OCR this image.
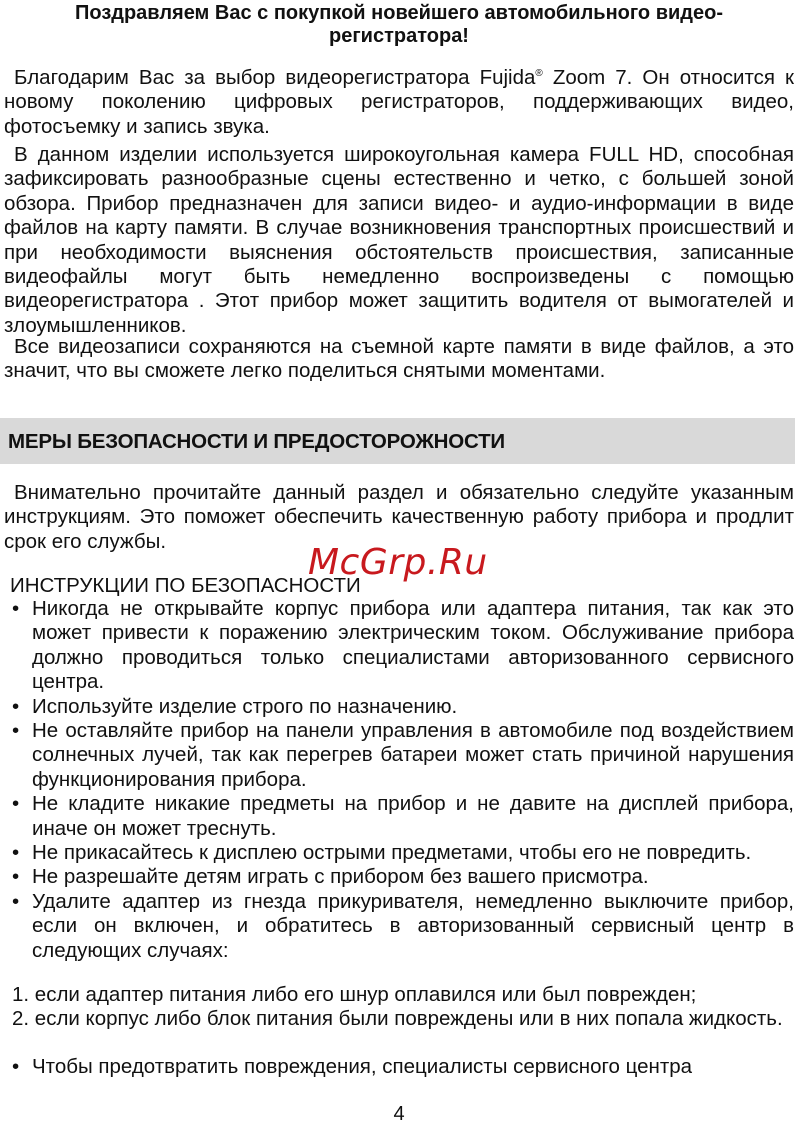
Поздравляем Вас с покупкой новейшего автомобильного видео-
регистратора!

Благодарим Вас за выбор видеорегистратора Fujida® Zoom 7. Он относится к новому поколению цифровых регистраторов, поддерживающих видео, фотосъемку и запись звука.

В данном изделии используется широкоугольная камера FULL HD, способная зафиксировать разнообразные сцены естественно и четко, с большей зоной обзора. Прибор предназначен для записи видео- и аудио-информации в виде файлов на карту памяти. В случае возникновения транспортных происшествий и при необходимости выяснения обстоятельств происшествия, записанные видеофайлы могут быть немедленно воспроизведены с помощью видеорегистратора . Этот прибор может защитить водителя от вымогателей и злоумышленников.

Все видеозаписи сохраняются на съемной карте памяти в виде файлов, а это значит, что вы сможете легко поделиться снятыми моментами.

МЕРЫ БЕЗОПАСНОСТИ И ПРЕДОСТОРОЖНОСТИ

Внимательно прочитайте данный раздел и обязательно следуйте указанным инструкциям. Это поможет обеспечить качественную работу прибора и продлит срок его службы.

McGrp.Ru
ИНСТРУКЦИИ ПО БЕЗОПАСНОСТИ
• Никогда не открывайте корпус прибора или адаптера питания, так как это может привести к поражению электрическим током. Обслуживание прибора должно проводиться только специалистами авторизованного сервисного центра.
• Используйте изделие строго по назначению.
• Не оставляйте прибор на панели управления в автомобиле под воздействием солнечных лучей, так как перегрев батареи может стать причиной нарушения функционирования прибора.
• Не кладите никакие предметы на прибор и не давите на дисплей прибора, иначе он может треснуть.
• Не прикасайтесь к дисплею острыми предметами, чтобы его не повредить.
• Не разрешайте детям играть с прибором без вашего присмотра.
• Удалите адаптер из гнезда прикуривателя, немедленно выключите прибор, если он включен, и обратитесь в авторизованный сервисный центр в следующих случаях:

1. если адаптер питания либо его шнур оплавился или был поврежден;

2. если корпус либо блок питания были повреждены или в них попала жидкость.

• Чтобы предотвратить повреждения, специалисты сервисного центра
4
